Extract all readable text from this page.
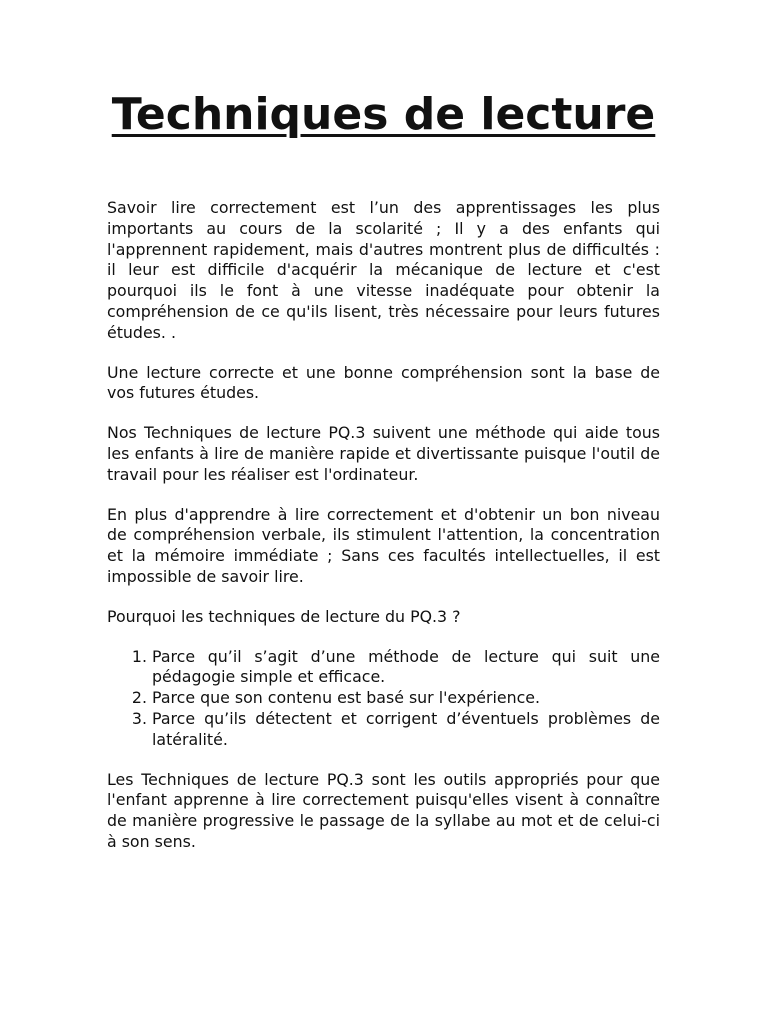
Techniques de lecture

Savoir lire correctement est l’un des apprentissages les plus importants au cours de la scolarité ; Il y a des enfants qui l'apprennent rapidement, mais d'autres montrent plus de difficultés : il leur est difficile d'acquérir la mécanique de lecture et c'est pourquoi ils le font à une vitesse inadéquate pour obtenir la compréhension de ce qu'ils lisent, très nécessaire pour leurs futures études. .

Une lecture correcte et une bonne compréhension sont la base de vos futures études.

Nos Techniques de lecture PQ.3 suivent une méthode qui aide tous les enfants à lire de manière rapide et divertissante puisque l'outil de travail pour les réaliser est l'ordinateur.

En plus d'apprendre à lire correctement et d'obtenir un bon niveau de compréhension verbale, ils stimulent l'attention, la concentration et la mémoire immédiate ; Sans ces facultés intellectuelles, il est impossible de savoir lire.

Pourquoi les techniques de lecture du PQ.3 ?

1. Parce qu’il s’agit d’une méthode de lecture qui suit une pédagogie simple et efficace.
2. Parce que son contenu est basé sur l'expérience.
3. Parce qu’ils détectent et corrigent d’éventuels problèmes de latéralité.

Les Techniques de lecture PQ.3 sont les outils appropriés pour que l'enfant apprenne à lire correctement puisqu'elles visent à connaître de manière progressive le passage de la syllabe au mot et de celui-ci à son sens.
